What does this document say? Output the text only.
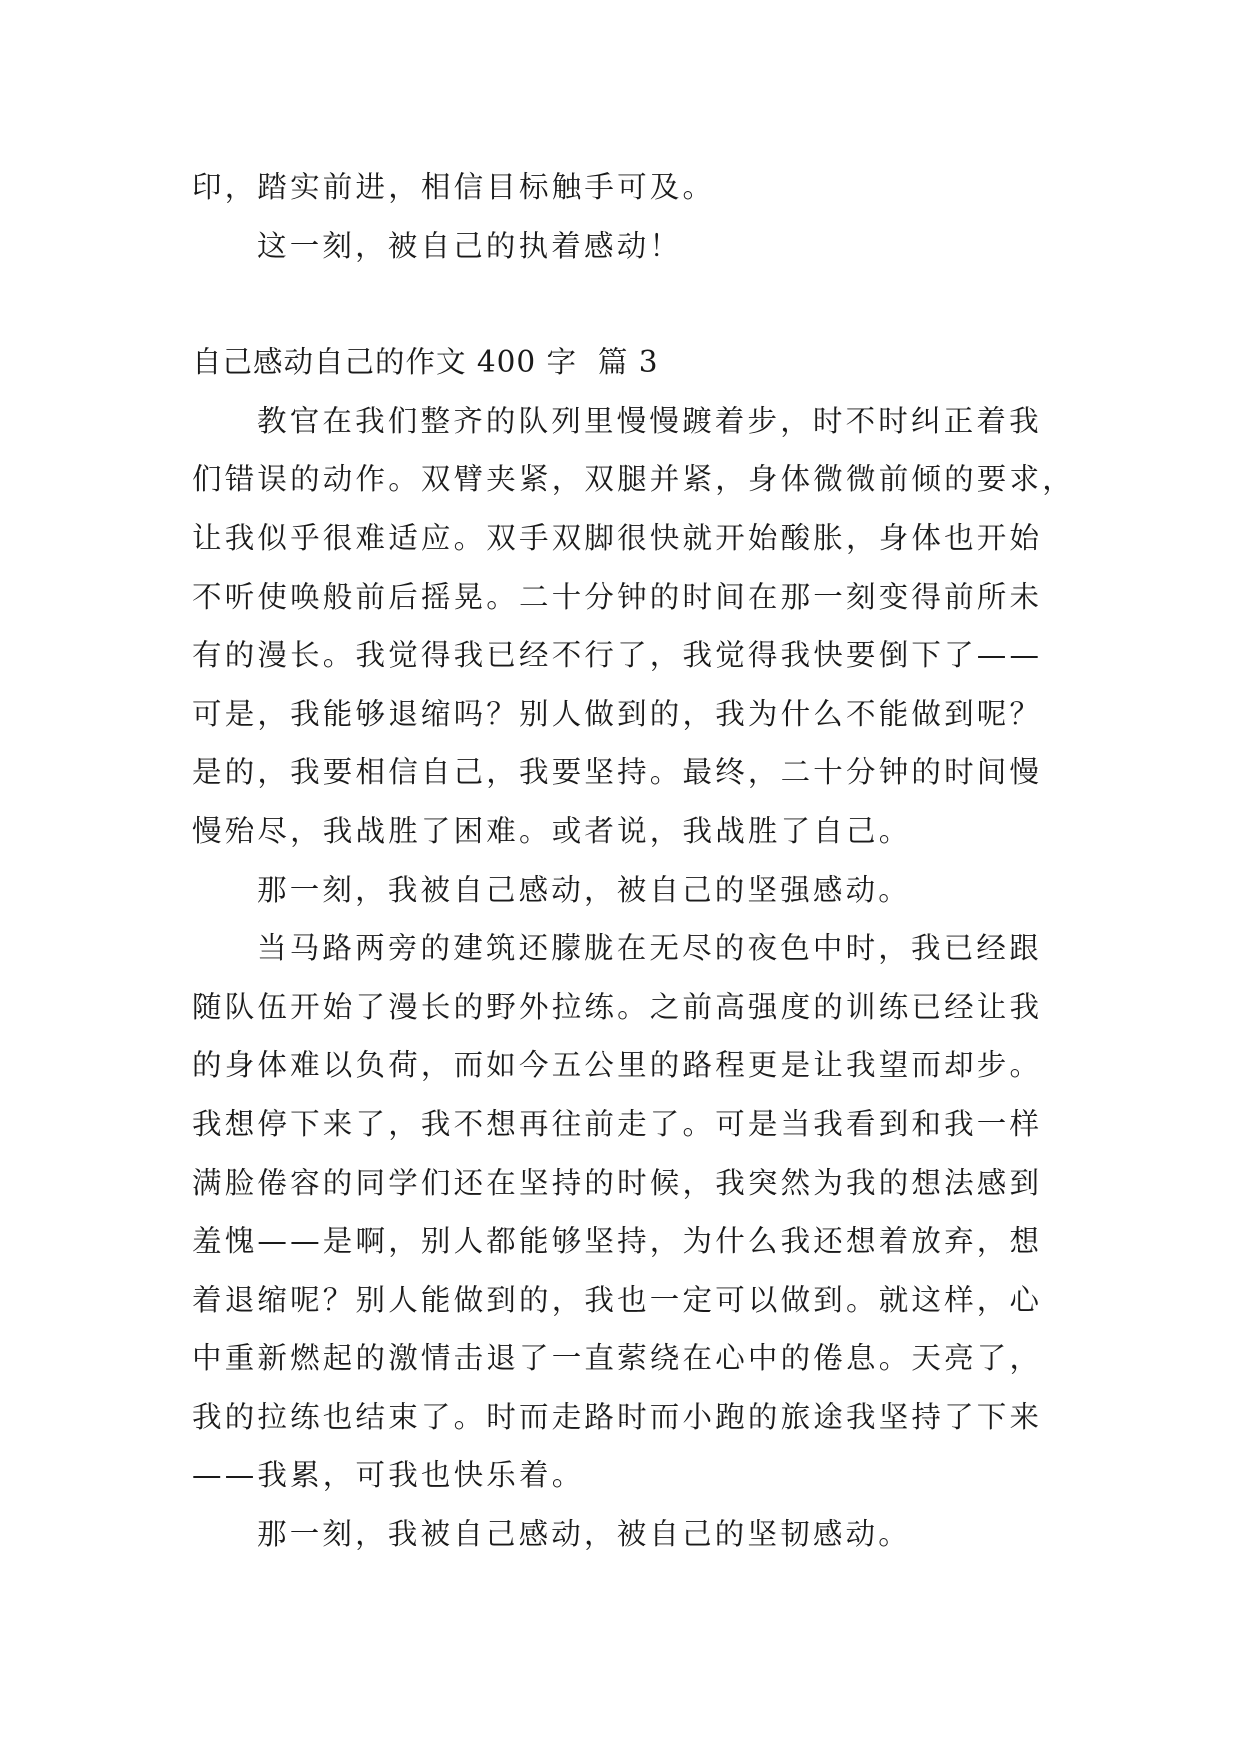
印，踏实前进，相信目标触手可及。
这一刻，被自己的执着感动！
自己感动自己的作文 400 字  篇 3
教官在我们整齐的队列里慢慢踱着步，时不时纠正着我
们错误的动作。双臂夹紧，双腿并紧，身体微微前倾的要求，
让我似乎很难适应。双手双脚很快就开始酸胀，身体也开始
不听使唤般前后摇晃。二十分钟的时间在那一刻变得前所未
有的漫长。我觉得我已经不行了，我觉得我快要倒下了——
可是，我能够退缩吗？别人做到的，我为什么不能做到呢？
是的，我要相信自己，我要坚持。最终，二十分钟的时间慢
慢殆尽，我战胜了困难。或者说，我战胜了自己。
那一刻，我被自己感动，被自己的坚强感动。
当马路两旁的建筑还朦胧在无尽的夜色中时，我已经跟
随队伍开始了漫长的野外拉练。之前高强度的训练已经让我
的身体难以负荷，而如今五公里的路程更是让我望而却步。
我想停下来了，我不想再往前走了。可是当我看到和我一样
满脸倦容的同学们还在坚持的时候，我突然为我的想法感到
羞愧——是啊，别人都能够坚持，为什么我还想着放弃，想
着退缩呢？别人能做到的，我也一定可以做到。就这样，心
中重新燃起的激情击退了一直萦绕在心中的倦息。天亮了，
我的拉练也结束了。时而走路时而小跑的旅途我坚持了下来
——我累，可我也快乐着。
那一刻，我被自己感动，被自己的坚韧感动。
